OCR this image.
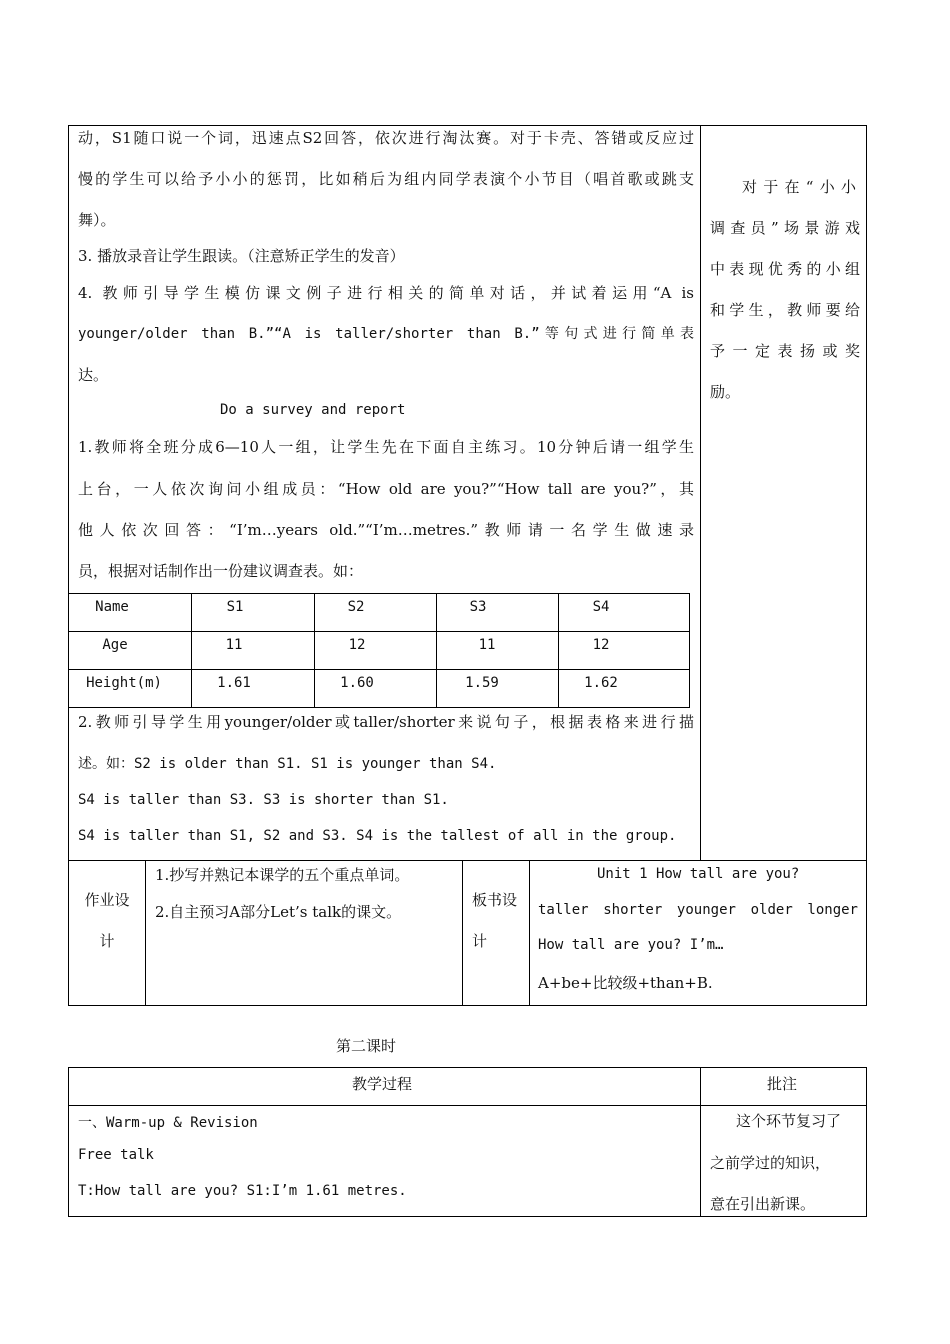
动，S1随口说一个词，迅速点S2回答，依次进行淘汰赛。对于卡壳、答错或反应过
慢的学生可以给予小小的惩罚，比如稍后为组内同学表演个小节目（唱首歌或跳支
舞）。
3. 播放录音让学生跟读。（注意矫正学生的发音）
4. 教师引导学生模仿课文例子进行相关的简单对话，并试着运用“A is
younger/older than B.”“A is taller/shorter than B.”等句式进行简单表
达。
Do a survey and report
1.教师将全班分成6—10人一组，让学生先在下面自主练习。10分钟后请一组学生
上台，一人依次询问小组成员：“How old are you?”“How tall are you?”，其
他人依次回答：“I’m…years old.”“I’m…metres.”教师请一名学生做速录
员，根据对话制作出一份建议调查表。如：
Name	S1	S2	S3	S4
Age	11	12	11	12
Height(m)	1.61	1.60	1.59	1.62
2.教师引导学生用younger/older或taller/shorter来说句子，根据表格来进行描
述。如：S2 is older than S1. S1 is younger than S4.
S4 is taller than S3. S3 is shorter than S1.
S4 is taller than S1, S2 and S3. S4 is the tallest of all in the group.
对于在“小小
调查员”场景游戏
中表现优秀的小组
和学生，教师要给
予一定表扬或奖
励。
作业设
计
1.抄写并熟记本课学的五个重点单词。
2.自主预习A部分Let’s talk的课文。
板书设
计
Unit 1 How tall are you?
taller shorter younger older longer
How tall are you? I’m…
A+be+比较级+than+B.
第二课时
教学过程	批注
一、Warm-up & Revision
Free talk
T:How tall are you? S1:I’m 1.61 metres.
这个环节复习了
之前学过的知识，
意在引出新课。
